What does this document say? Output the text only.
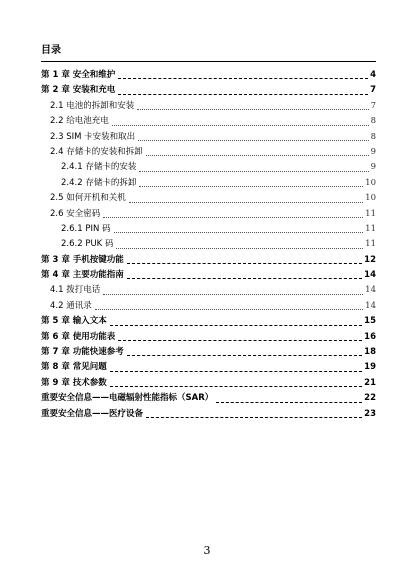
目录
第 1 章 安全和维护	4
第 2 章 安装和充电	7
2.1 电池的拆卸和安装	7
2.2 给电池充电	8
2.3 SIM 卡安装和取出	8
2.4 存储卡的安装和拆卸	9
2.4.1 存储卡的安装	9
2.4.2 存储卡的拆卸	10
2.5 如何开机和关机	10
2.6 安全密码	11
2.6.1 PIN 码	11
2.6.2 PUK 码	11
第 3 章 手机按键功能	12
第 4 章 主要功能指南	14
4.1 拨打电话	14
4.2 通讯录	14
第 5 章 输入文本	15
第 6 章 使用功能表	16
第 7 章 功能快速参考	18
第 8 章 常见问题	19
第 9 章 技术参数	21
重要安全信息——电磁辐射性能指标（SAR）	22
重要安全信息——医疗设备	23
3
